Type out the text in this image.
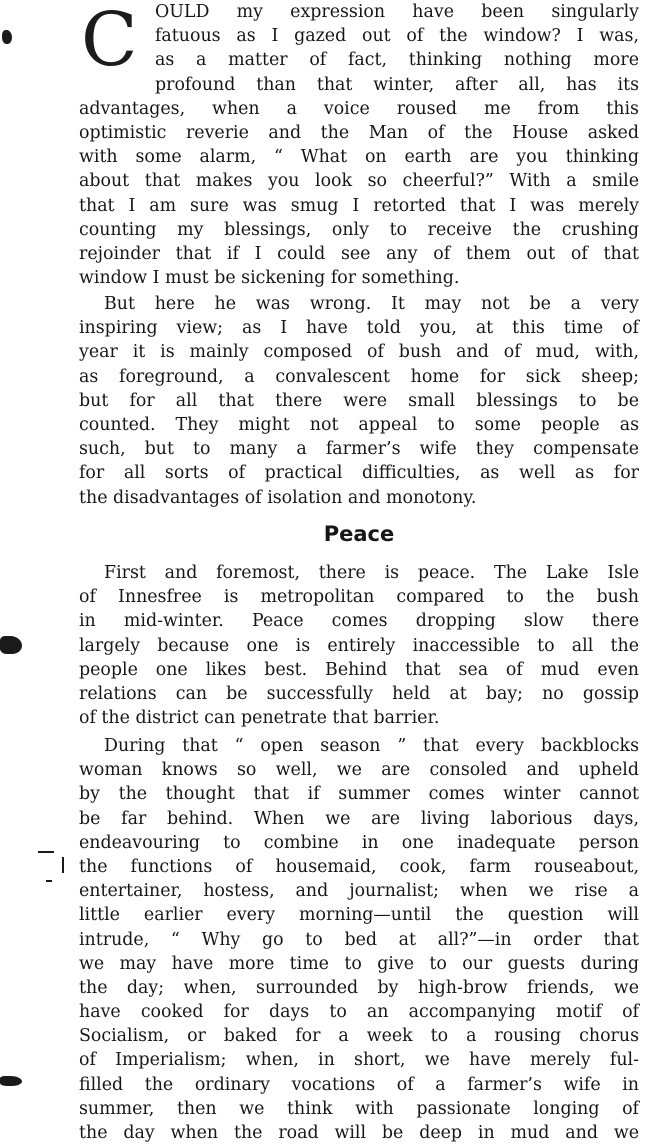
C OULD my expression have been singularly
fatuous as I gazed out of the window? I was,
as a matter of fact, thinking nothing more
profound than that winter, after all, has its
advantages, when a voice roused me from this
optimistic reverie and the Man of the House asked
with some alarm, “ What on earth are you thinking
about that makes you look so cheerful?” With a smile
that I am sure was smug I retorted that I was merely
counting my blessings, only to receive the crushing
rejoinder that if I could see any of them out of that
window I must be sickening for something.
But here he was wrong. It may not be a very
inspiring view; as I have told you, at this time of
year it is mainly composed of bush and of mud, with,
as foreground, a convalescent home for sick sheep;
but for all that there were small blessings to be
counted. They might not appeal to some people as
such, but to many a farmer’s wife they compensate
for all sorts of practical difficulties, as well as for
the disadvantages of isolation and monotony.
Peace
First and foremost, there is peace. The Lake Isle
of Innesfree is metropolitan compared to the bush
in mid-winter. Peace comes dropping slow there
largely because one is entirely inaccessible to all the
people one likes best. Behind that sea of mud even
relations can be successfully held at bay; no gossip
of the district can penetrate that barrier.
During that “ open season ” that every backblocks
woman knows so well, we are consoled and upheld
by the thought that if summer comes winter cannot
be far behind. When we are living laborious days,
endeavouring to combine in one inadequate person
the functions of housemaid, cook, farm rouseabout,
entertainer, hostess, and journalist; when we rise a
little earlier every morning—until the question will
intrude, “ Why go to bed at all?”—in order that
we may have more time to give to our guests during
the day; when, surrounded by high-brow friends, we
have cooked for days to an accompanying motif of
Socialism, or baked for a week to a rousing chorus
of Imperialism; when, in short, we have merely ful-
filled the ordinary vocations of a farmer’s wife in
summer, then we think with passionate longing of
the day when the road will be deep in mud and we
